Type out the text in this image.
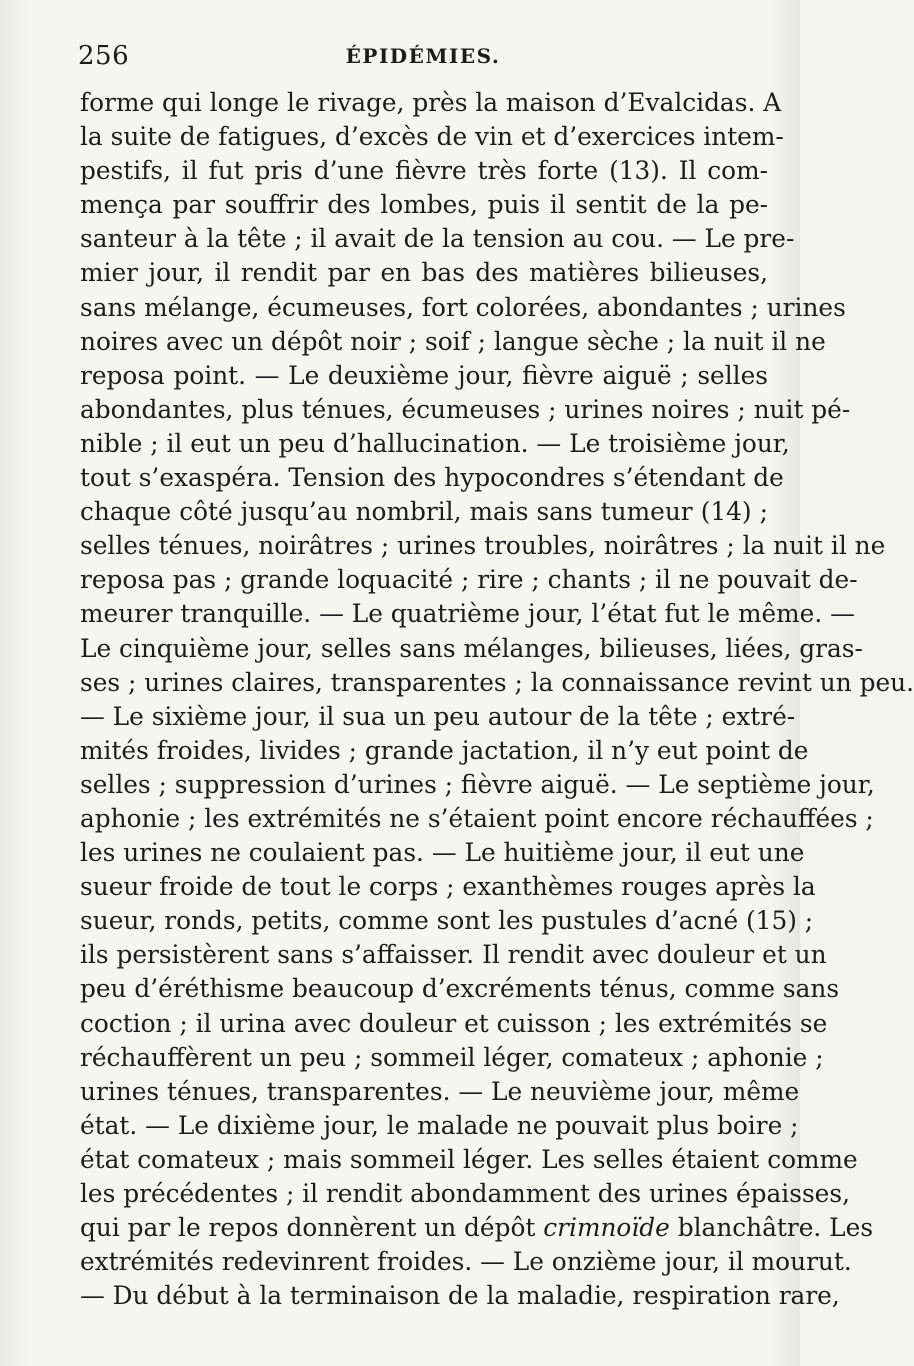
256	ÉPIDÉMIES.
forme qui longe le rivage, près la maison d’Evalcidas. A
la suite de fatigues, d’excès de vin et d’exercices intem-
pestifs, il fut pris d’une fièvre très forte (13). Il com-
mença par souffrir des lombes, puis il sentit de la pe-
santeur à la tête ; il avait de la tension au cou. — Le pre-
mier jour, il rendit par en bas des matières bilieuses,
sans mélange, écumeuses, fort colorées, abondantes ; urines
noires avec un dépôt noir ; soif ; langue sèche ; la nuit il ne
reposa point. — Le deuxième jour, fièvre aiguë ; selles
abondantes, plus ténues, écumeuses ; urines noires ; nuit pé-
nible ; il eut un peu d’hallucination. — Le troisième jour,
tout s’exaspéra. Tension des hypocondres s’étendant de
chaque côté jusqu’au nombril, mais sans tumeur (14) ;
selles ténues, noirâtres ; urines troubles, noirâtres ; la nuit il ne
reposa pas ; grande loquacité ; rire ; chants ; il ne pouvait de-
meurer tranquille. — Le quatrième jour, l’état fut le même. —
Le cinquième jour, selles sans mélanges, bilieuses, liées, gras-
ses ; urines claires, transparentes ; la connaissance revint un peu.
— Le sixième jour, il sua un peu autour de la tête ; extré-
mités froides, livides ; grande jactation, il n’y eut point de
selles ; suppression d’urines ; fièvre aiguë. — Le septième jour,
aphonie ; les extrémités ne s’étaient point encore réchauffées ;
les urines ne coulaient pas. — Le huitième jour, il eut une
sueur froide de tout le corps ; exanthèmes rouges après la
sueur, ronds, petits, comme sont les pustules d’acné (15) ;
ils persistèrent sans s’affaisser. Il rendit avec douleur et un
peu d’éréthisme beaucoup d’excréments ténus, comme sans
coction ; il urina avec douleur et cuisson ; les extrémités se
réchauffèrent un peu ; sommeil léger, comateux ; aphonie ;
urines ténues, transparentes. — Le neuvième jour, même
état. — Le dixième jour, le malade ne pouvait plus boire ;
état comateux ; mais sommeil léger. Les selles étaient comme
les précédentes ; il rendit abondamment des urines épaisses,
qui par le repos donnèrent un dépôt crimnoïde blanchâtre. Les
extrémités redevinrent froides. — Le onzième jour, il mourut.
— Du début à la terminaison de la maladie, respiration rare,
